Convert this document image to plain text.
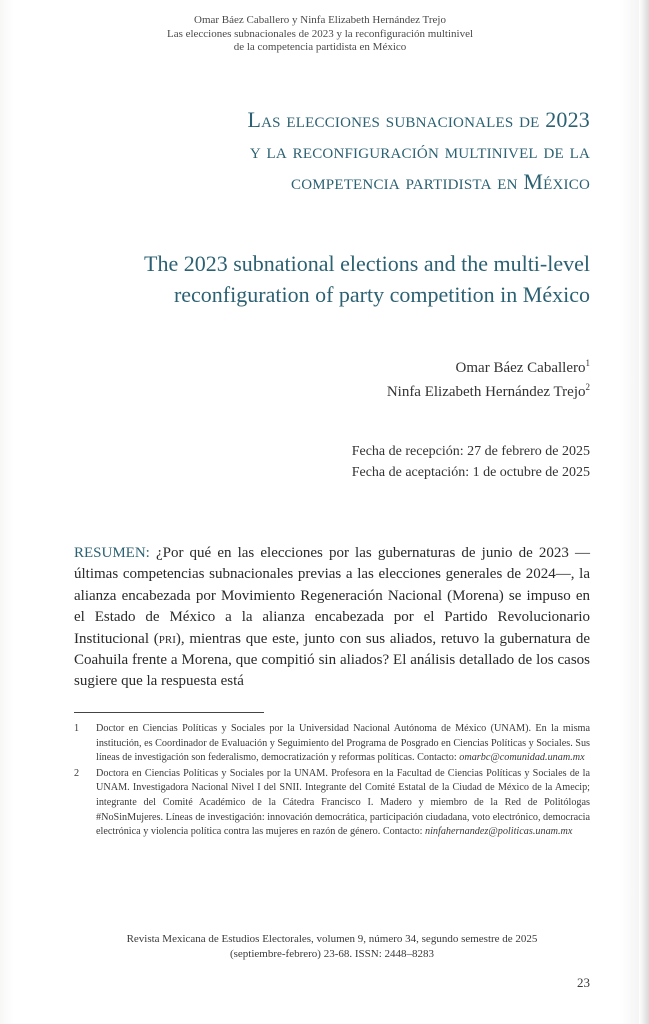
Omar Báez Caballero y Ninfa Elizabeth Hernández Trejo
Las elecciones subnacionales de 2023 y la reconfiguración multinivel
de la competencia partidista en México
Las elecciones subnacionales de 2023
y la reconfiguración multinivel de la
competencia partidista en México
The 2023 subnational elections and the multi-level
reconfiguration of party competition in México
Omar Báez Caballero$^1$
Ninfa Elizabeth Hernández Trejo$^2$
Fecha de recepción: 27 de febrero de 2025
Fecha de aceptación: 1 de octubre de 2025
RESUMEN: ¿Por qué en las elecciones por las gubernaturas de junio de 2023 —últimas competencias subnacionales previas a las elecciones generales de 2024—, la alianza encabezada por Movimiento Regeneración Nacional (Morena) se impuso en el Estado de México a la alianza encabezada por el Partido Revolucionario Institucional (pri), mientras que este, junto con sus aliados, retuvo la gubernatura de Coahuila frente a Morena, que compitió sin aliados? El análisis detallado de los casos sugiere que la respuesta está
1 Doctor en Ciencias Políticas y Sociales por la Universidad Nacional Autónoma de México (UNAM). En la misma institución, es Coordinador de Evaluación y Seguimiento del Programa de Posgrado en Ciencias Políticas y Sociales. Sus líneas de investigación son federalismo, democratización y reformas políticas. Contacto: omarbc@comunidad.unam.mx
2 Doctora en Ciencias Políticas y Sociales por la UNAM. Profesora en la Facultad de Ciencias Políticas y Sociales de la UNAM. Investigadora Nacional Nivel I del SNII. Integrante del Comité Estatal de la Ciudad de México de la Amecip; integrante del Comité Académico de la Cátedra Francisco I. Madero y miembro de la Red de Politólogas #NoSinMujeres. Líneas de investigación: innovación democrática, participación ciudadana, voto electrónico, democracia electrónica y violencia política contra las mujeres en razón de género. Contacto: ninfahernandez@politicas.unam.mx
Revista Mexicana de Estudios Electorales, volumen 9, número 34, segundo semestre de 2025
(septiembre-febrero) 23-68. ISSN: 2448–8283
23
